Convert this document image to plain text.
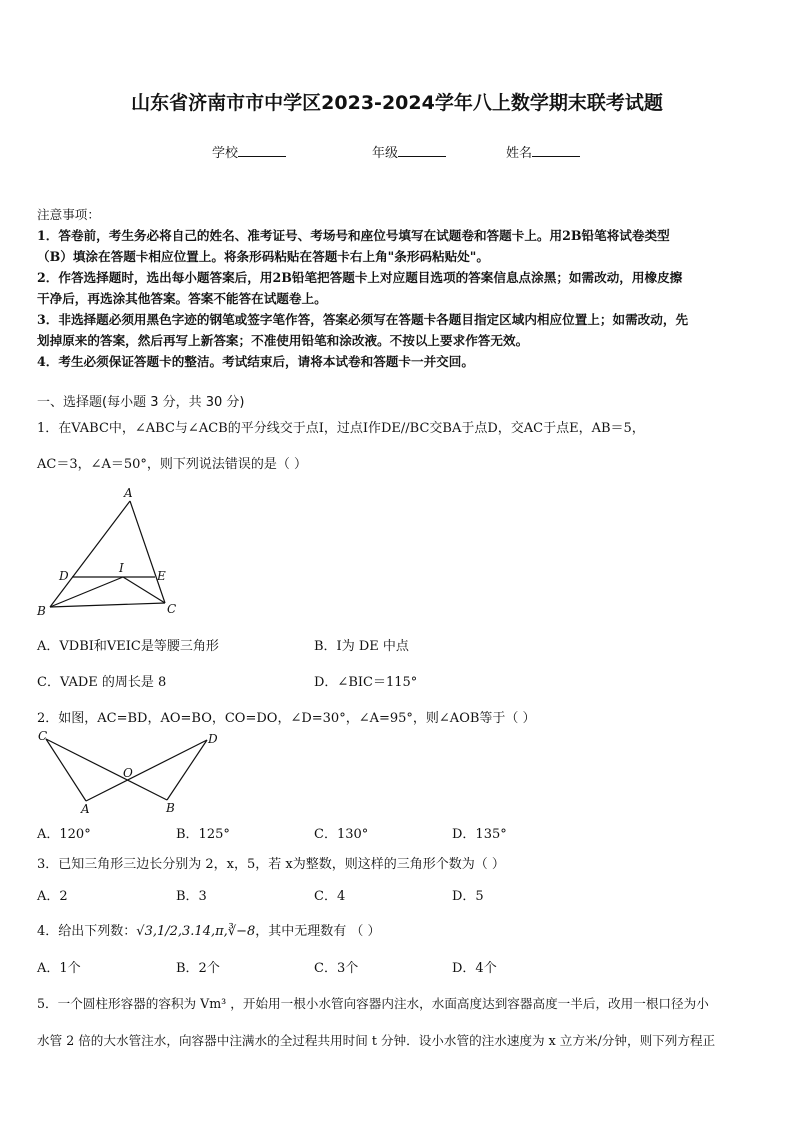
山东省济南市市中学区2023-2024学年八上数学期末联考试题
学校	年级	姓名
注意事项：
1．答卷前，考生务必将自己的姓名、准考证号、考场号和座位号填写在试题卷和答题卡上。用2B铅笔将试卷类型
（B）填涂在答题卡相应位置上。将条形码粘贴在答题卡右上角"条形码粘贴处"。
2．作答选择题时，选出每小题答案后，用2B铅笔把答题卡上对应题目选项的答案信息点涂黑；如需改动，用橡皮擦
干净后，再选涂其他答案。答案不能答在试题卷上。
3．非选择题必须用黑色字迹的钢笔或签字笔作答，答案必须写在答题卡各题目指定区域内相应位置上；如需改动，先
划掉原来的答案，然后再写上新答案；不准使用铅笔和涂改液。不按以上要求作答无效。
4．考生必须保证答题卡的整洁。考试结束后，请将本试卷和答题卡一并交回。
一、选择题(每小题 3 分，共 30 分)
1．在VABC中，∠ABC与∠ACB的平分线交于点I，过点I作DE//BC交BA于点D，交AC于点E，AB＝5，
AC＝3，∠A＝50°，则下列说法错误的是（ ）
A
B	C
D	E
I
A．VDBI和VEIC是等腰三角形	B．I为 DE 中点
C．VADE 的周长是 8	D．∠BIC＝115°
2．如图，AC=BD，AO=BO，CO=DO，∠D=30°，∠A=95°，则∠AOB等于（ ）
C	D
O
A	B
A．120°	B．125°	C．130°	D．135°
3．已知三角形三边长分别为 2，x，5，若 x为整数，则这样的三角形个数为（ ）
A．2	B．3	C．4	D．5
4．给出下列数：√3,1/2,3.14,π,∛−8，其中无理数有 （ ）
A．1个	B．2个	C．3个	D．4个
5．一个圆柱形容器的容积为 Vm³ ，开始用一根小水管向容器内注水，水面高度达到容器高度一半后，改用一根口径为小
水管 2 倍的大水管注水，向容器中注满水的全过程共用时间 t 分钟．设小水管的注水速度为 x 立方米/分钟，则下列方程正
